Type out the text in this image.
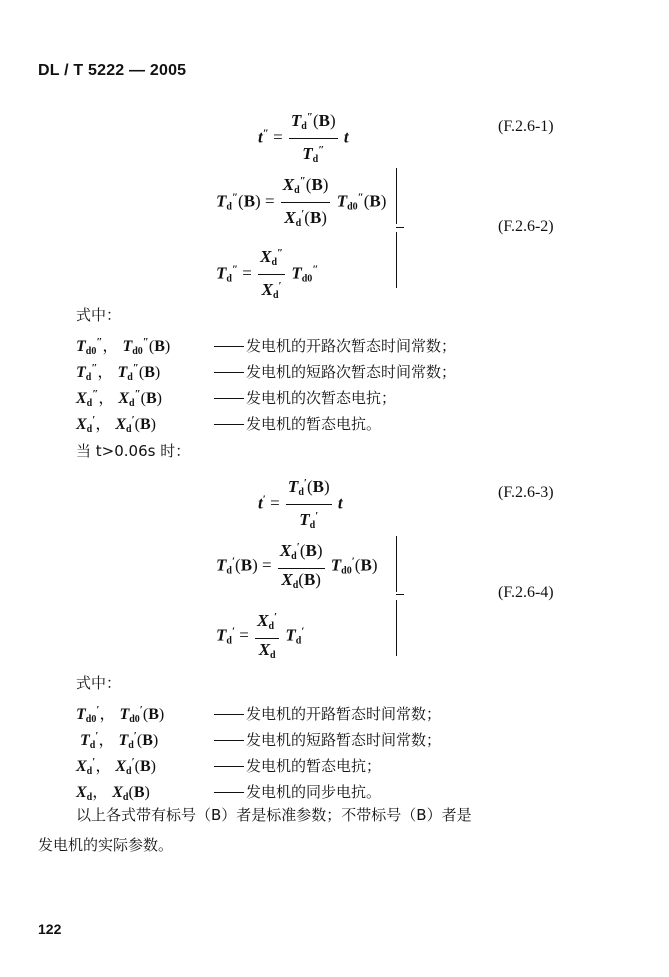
DL / T 5222 — 2005
$t'' = \frac{T_d''(B)}{T_d''}$ t
(F.2.6-1)
$T_d''(B) = \frac{X_d''(B)}{X_d'(B)} T_{d0}''(B)$
$T_d'' = \frac{X_d''}{X_d'} T_{d0}''$
(F.2.6-2)
式中：
$T_{d0}''$， $T_{d0}''(B)$	发电机的开路次暂态时间常数；
$T_d''$， $T_d''(B)$	发电机的短路次暂态时间常数；
$X_d''$， $X_d''(B)$	发电机的次暂态电抗；
$X_d'$， $X_d'(B)$	发电机的暂态电抗。
当 t>0.06s 时：
$t' = \frac{T_d'(B)}{T_d'}$ t
(F.2.6-3)
$T_d'(B) = \frac{X_d'(B)}{X_d(B)} T_{d0}'(B)$
$T_d' = \frac{X_d'}{X_d} T_d'$
(F.2.6-4)
式中：
$T_{d0}'$， $T_{d0}'(B)$	发电机的开路暂态时间常数；
$T_d'$， $T_d'(B)$	发电机的短路暂态时间常数；
$X_d'$， $X_d'(B)$	发电机的暂态电抗；
$X_d$， $X_d(B)$	发电机的同步电抗。
以上各式带有标号（B）者是标准参数；不带标号（B）者是
发电机的实际参数。
122
